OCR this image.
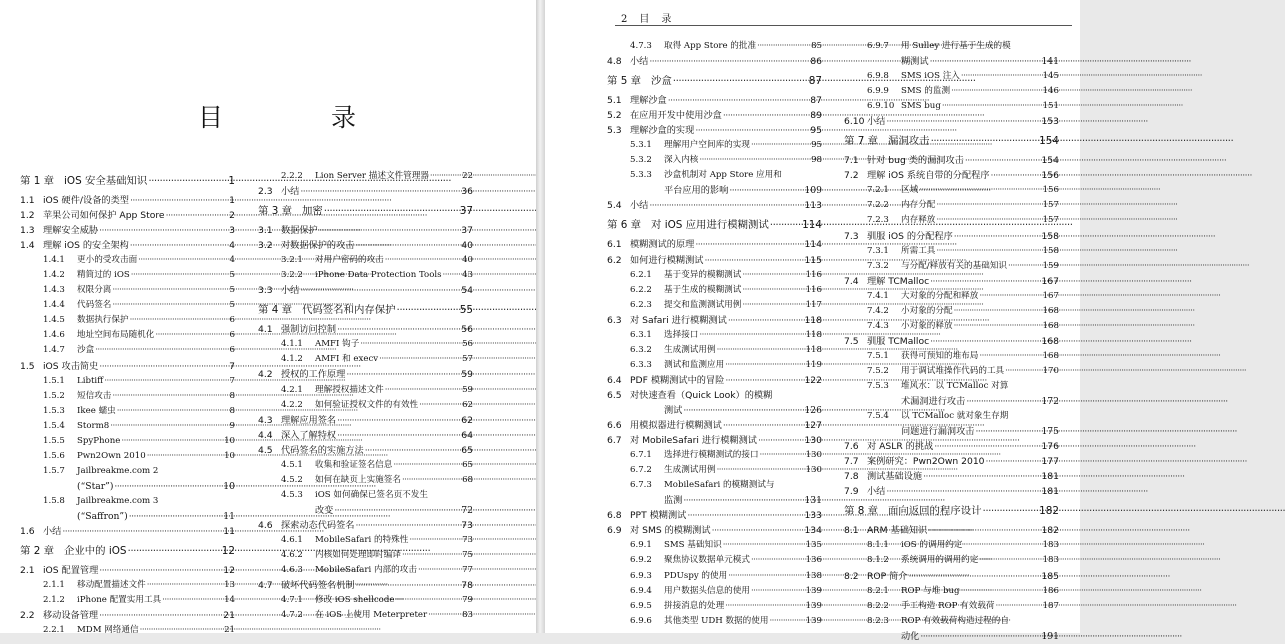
目 录
第 1 章 iOS 安全基础知识 ·····	1
1.1 iOS 硬件/设备的类型 ·····	1
1.2 苹果公司如何保护 App Store ·····	2
1.3 理解安全威胁 ·····	3
1.4 理解 iOS 的安全架构 ·····	4
1.4.1	更小的受攻击面 ·····	4
1.4.2	精简过的 iOS ·····	5
1.4.3	权限分离 ·····	5
1.4.4	代码签名 ·····	5
1.4.5	数据执行保护 ·····	6
1.4.6	地址空间布局随机化 ·····	6
1.4.7	沙盒 ·····	6
1.5 iOS 攻击简史 ·····	7
1.5.1	Libtiff ·····	7
1.5.2	短信攻击 ·····	8
1.5.3	Ikee 蠕虫 ·····	8
1.5.4	Storm8 ·····	9
1.5.5	SpyPhone ·····	10
1.5.6	Pwn2Own 2010 ·····	10
1.5.7	Jailbreakme.com 2
(“Star”) ·····	10
1.5.8	Jailbreakme.com 3
(“Saffron”) ·····	11
1.6 小结 ·····	11
第 2 章 企业中的 iOS ·····	12
2.1 iOS 配置管理 ·····	12
2.1.1	移动配置描述文件 ·····	13
2.1.2	iPhone 配置实用工具 ·····	14
2.2 移动设备管理 ·····	21
2.2.1	MDM 网络通信 ·····	21
2.2.2	Lion Server 描述文件管理器 ·····	22
2.3 小结 ·····	36
第 3 章 加密 ·····	37
3.1 数据保护 ·····	37
3.2 对数据保护的攻击 ·····	40
3.2.1	对用户密码的攻击 ·····	40
3.2.2	iPhone Data Protection Tools ····· 43
3.3 小结 ·····	54
第 4 章 代码签名和内存保护 ·····	55
4.1 强制访问控制 ·····	56
4.1.1	AMFI 钩子 ·····	56
4.1.2	AMFI 和 execv ·····	57
4.2 授权的工作原理 ·····	59
4.2.1	理解授权描述文件 ·····	59
4.2.2	如何验证授权文件的有效性 ·····	62
4.3 理解应用签名 ·····	62
4.4 深入了解特权 ·····	64
4.5 代码签名的实施方法 ·····	65
4.5.1	收集和验证签名信息 ·····	65
4.5.2	如何在缺页上实施签名 ·····	68
4.5.3	iOS 如何确保已签名页不发生
改变 ·····	72
4.6 探索动态代码签名 ·····	73
4.6.1	MobileSafari 的特殊性 ·····	73
4.6.2	内核如何处理即时编译 ·····	75
4.6.3	MobileSafari 内部的攻击 ·····	77
4.7 破坏代码签名机制 ·····	78
4.7.1	修改 iOS shellcode ·····	79
4.7.2	在 iOS 上使用 Meterpreter ·····	83
2　目　录
4.7.3	取得 App Store 的批准 ·····	85
4.8 小结 ·····	86
第 5 章 沙盒 ·····	87
5.1 理解沙盒 ·····	87
5.2 在应用开发中使用沙盒 ·····	89
5.3 理解沙盒的实现 ·····	95
5.3.1	理解用户空间库的实现 ·····	95
5.3.2	深入内核 ·····	98
5.3.3	沙盒机制对 App Store 应用和
平台应用的影响 ·····	109
5.4 小结 ·····	113
第 6 章 对 iOS 应用进行模糊测试 ·····	114
6.1 模糊测试的原理 ·····	114
6.2 如何进行模糊测试 ·····	115
6.2.1	基于变异的模糊测试 ·····	116
6.2.2	基于生成的模糊测试 ·····	116
6.2.3	提交和监测测试用例 ·····	117
6.3 对 Safari 进行模糊测试 ·····	118
6.3.1	选择接口 ·····	118
6.3.2	生成测试用例 ·····	118
6.3.3	测试和监测应用 ·····	119
6.4 PDF 模糊测试中的冒险 ·····	122
6.5 对快速查看（Quick Look）的模糊
测试 ·····	126
6.6 用模拟器进行模糊测试 ·····	127
6.7 对 MobileSafari 进行模糊测试 ·····	130
6.7.1	选择进行模糊测试的接口 ·····	130
6.7.2	生成测试用例 ·····	130
6.7.3	MobileSafari 的模糊测试与
监测 ·····	131
6.8 PPT 模糊测试 ·····	133
6.9 对 SMS 的模糊测试 ·····	134
6.9.1	SMS 基础知识 ·····	135
6.9.2	聚焦协议数据单元模式 ·····	136
6.9.3	PDUspy 的使用 ·····	138
6.9.4	用户数据头信息的使用 ·····	139
6.9.5	拼接消息的处理 ·····	139
6.9.6	其他类型 UDH 数据的使用 ·····	139
6.9.7	用 Sulley 进行基于生成的模
糊测试 ·····	141
6.9.8	SMS iOS 注入 ·····	145
6.9.9	SMS 的监测 ·····	146
6.9.10 SMS bug ·····	151
6.10 小结 ·····	153
第 7 章 漏洞攻击 ·····	154
7.1 针对 bug 类的漏洞攻击 ·····	154
7.2 理解 iOS 系统自带的分配程序 ·····	156
7.2.1	区域 ·····	156
7.2.2	内存分配 ·····	157
7.2.3	内存释放 ·····	157
7.3 驯服 iOS 的分配程序 ·····	158
7.3.1	所需工具 ·····	158
7.3.2	与分配/释放有关的基础知识 ·····	159
7.4 理解 TCMalloc ·····	167
7.4.1	大对象的分配和释放 ·····	167
7.4.2	小对象的分配 ·····	168
7.4.3	小对象的释放 ·····	168
7.5 驯服 TCMalloc ·····	168
7.5.1	获得可预知的堆布局 ·····	168
7.5.2	用于调试堆操作代码的工具 ·····	170
7.5.3	堆风水：以 TCMalloc 对算
术漏洞进行攻击 ·····	172
7.5.4	以 TCMalloc 就对象生存期
问题进行漏洞攻击 ·····	175
7.6 对 ASLR 的挑战 ·····	176
7.7 案例研究：Pwn2Own 2010 ·····	177
7.8 测试基础设施 ·····	181
7.9 小结 ·····	181
第 8 章 面向返回的程序设计 ·····	182
8.1 ARM 基础知识 ·····	182
8.1.1	iOS 的调用约定 ·····	183
8.1.2	系统调用的调用约定 ·····	183
8.2 ROP 简介 ·····	185
8.2.1	ROP 与堆 bug ·····	186
8.2.2	手工构造 ROP 有效载荷 ·····	187
8.2.3	ROP 有效载荷构造过程的自
动化 ·····	191
